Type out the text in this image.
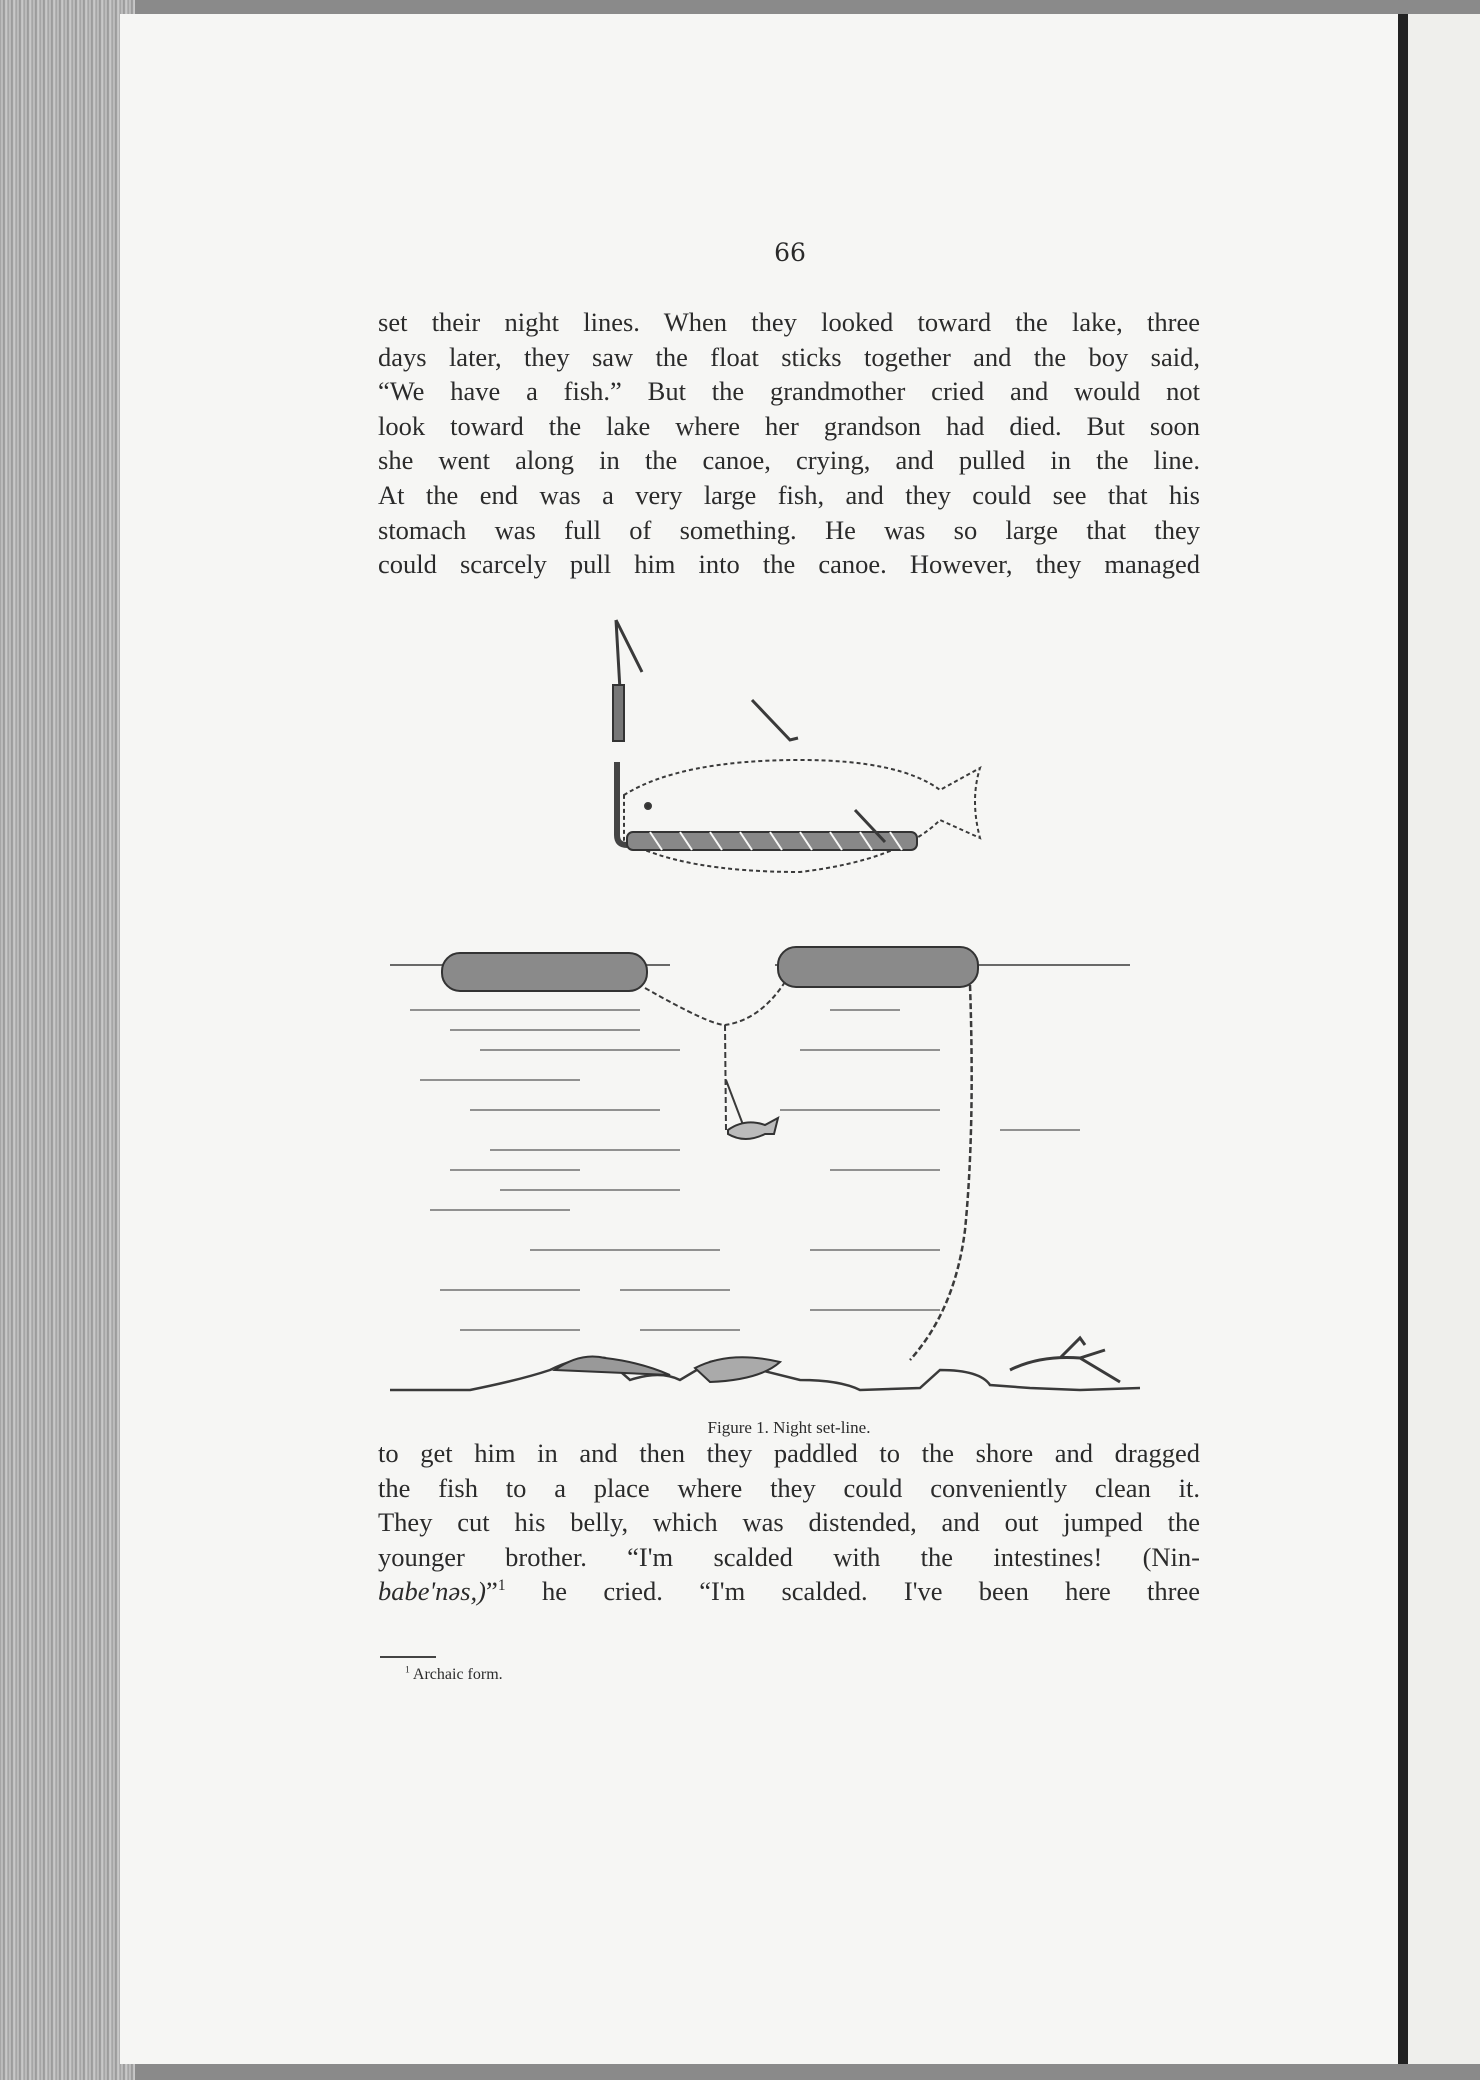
66
set their night lines. When they looked toward the lake, three
days later, they saw the float sticks together and the boy said,
“We have a fish.” But the grandmother cried and would not
look toward the lake where her grandson had died. But soon
she went along in the canoe, crying, and pulled in the line.
At the end was a very large fish, and they could see that his
stomach was full of something. He was so large that they
could scarcely pull him into the canoe. However, they managed
Figure 1. Night set-line.
to get him in and then they paddled to the shore and dragged
the fish to a place where they could conveniently clean it.
They cut his belly, which was distended, and out jumped the
younger brother. “I'm scalded with the intestines! (Nin-
babe'nəs,)”$^1$ he cried. “I'm scalded. I've been here three
$^1$ Archaic form.
